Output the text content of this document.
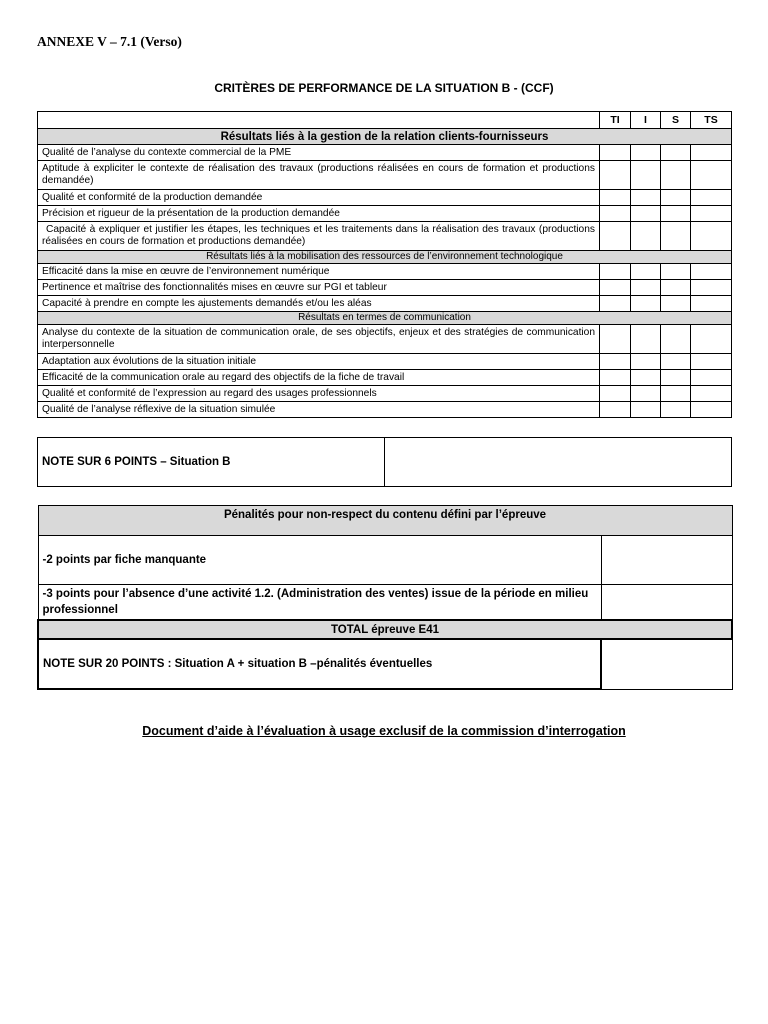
ANNEXE V – 7.1 (Verso)
CRITÈRES DE PERFORMANCE DE LA SITUATION B - (CCF)
	TI	I	S	TS
Résultats liés à la gestion de la relation clients-fournisseurs				
Qualité de l’analyse du contexte commercial de la PME				
Aptitude à expliciter le contexte de réalisation des travaux (productions réalisées en cours de formation et productions demandée)				
Qualité et conformité de la production demandée				
Précision et rigueur de la présentation de la production demandée				
Capacité à expliquer et justifier les étapes, les techniques et les traitements dans la réalisation des travaux (productions réalisées en cours de formation et productions demandée)				
Résultats liés à la mobilisation des ressources de l’environnement technologique				
Efficacité dans la mise en œuvre de l’environnement numérique				
Pertinence et maîtrise des fonctionnalités mises en œuvre sur PGI et tableur				
Capacité à prendre en compte les ajustements demandés et/ou les aléas				
Résultats en termes de communication				
Analyse du contexte de la situation de communication orale, de ses objectifs, enjeux et des stratégies de communication interpersonnelle				
Adaptation aux évolutions de la situation initiale				
Efficacité de la communication orale au regard des objectifs de la fiche de travail				
Qualité et conformité de l’expression au regard des usages professionnels				
Qualité de l’analyse réflexive de la situation simulée				
NOTE SUR 6 POINTS – Situation B	
Pénalités pour non-respect du contenu défini par l’épreuve	
-2 points par fiche manquante	
-3 points pour l’absence d’une activité 1.2. (Administration des ventes) issue de la période en milieu professionnel	
TOTAL épreuve E41	
NOTE SUR 20 POINTS : Situation A + situation B –pénalités éventuelles	
Document d’aide à l’évaluation à usage exclusif de la commission d’interrogation
